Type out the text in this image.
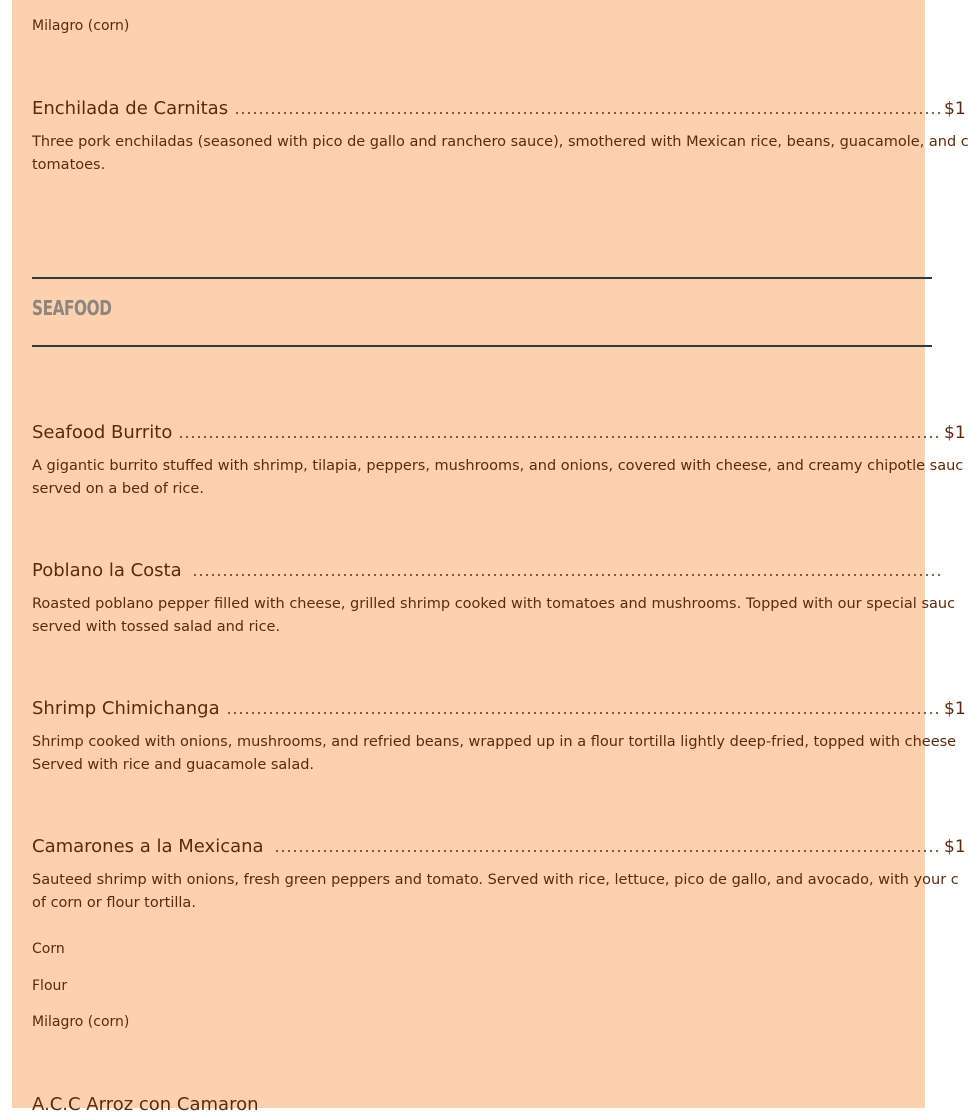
Milagro (corn)
Enchilada de Carnitas	$1
Three pork enchiladas (seasoned with pico de gallo and ranchero sauce), smothered with Mexican rice, beans, guacamole, and c
tomatoes.
SEAFOOD
Seafood Burrito	$1
A gigantic burrito stuffed with shrimp, tilapia, peppers, mushrooms, and onions, covered with cheese, and creamy chipotle sauc
served on a bed of rice.
Poblano la Costa
Roasted poblano pepper filled with cheese, grilled shrimp cooked with tomatoes and mushrooms. Topped with our special sauc
served with tossed salad and rice.
Shrimp Chimichanga	$1
Shrimp cooked with onions, mushrooms, and refried beans, wrapped up in a flour tortilla lightly deep-fried, topped with cheese
Served with rice and guacamole salad.
Camarones a la Mexicana	$1
Sauteed shrimp with onions, fresh green peppers and tomato. Served with rice, lettuce, pico de gallo, and avocado, with your c
of corn or flour tortilla.
Corn
Flour
Milagro (corn)
A.C.C Arroz con Camaron
